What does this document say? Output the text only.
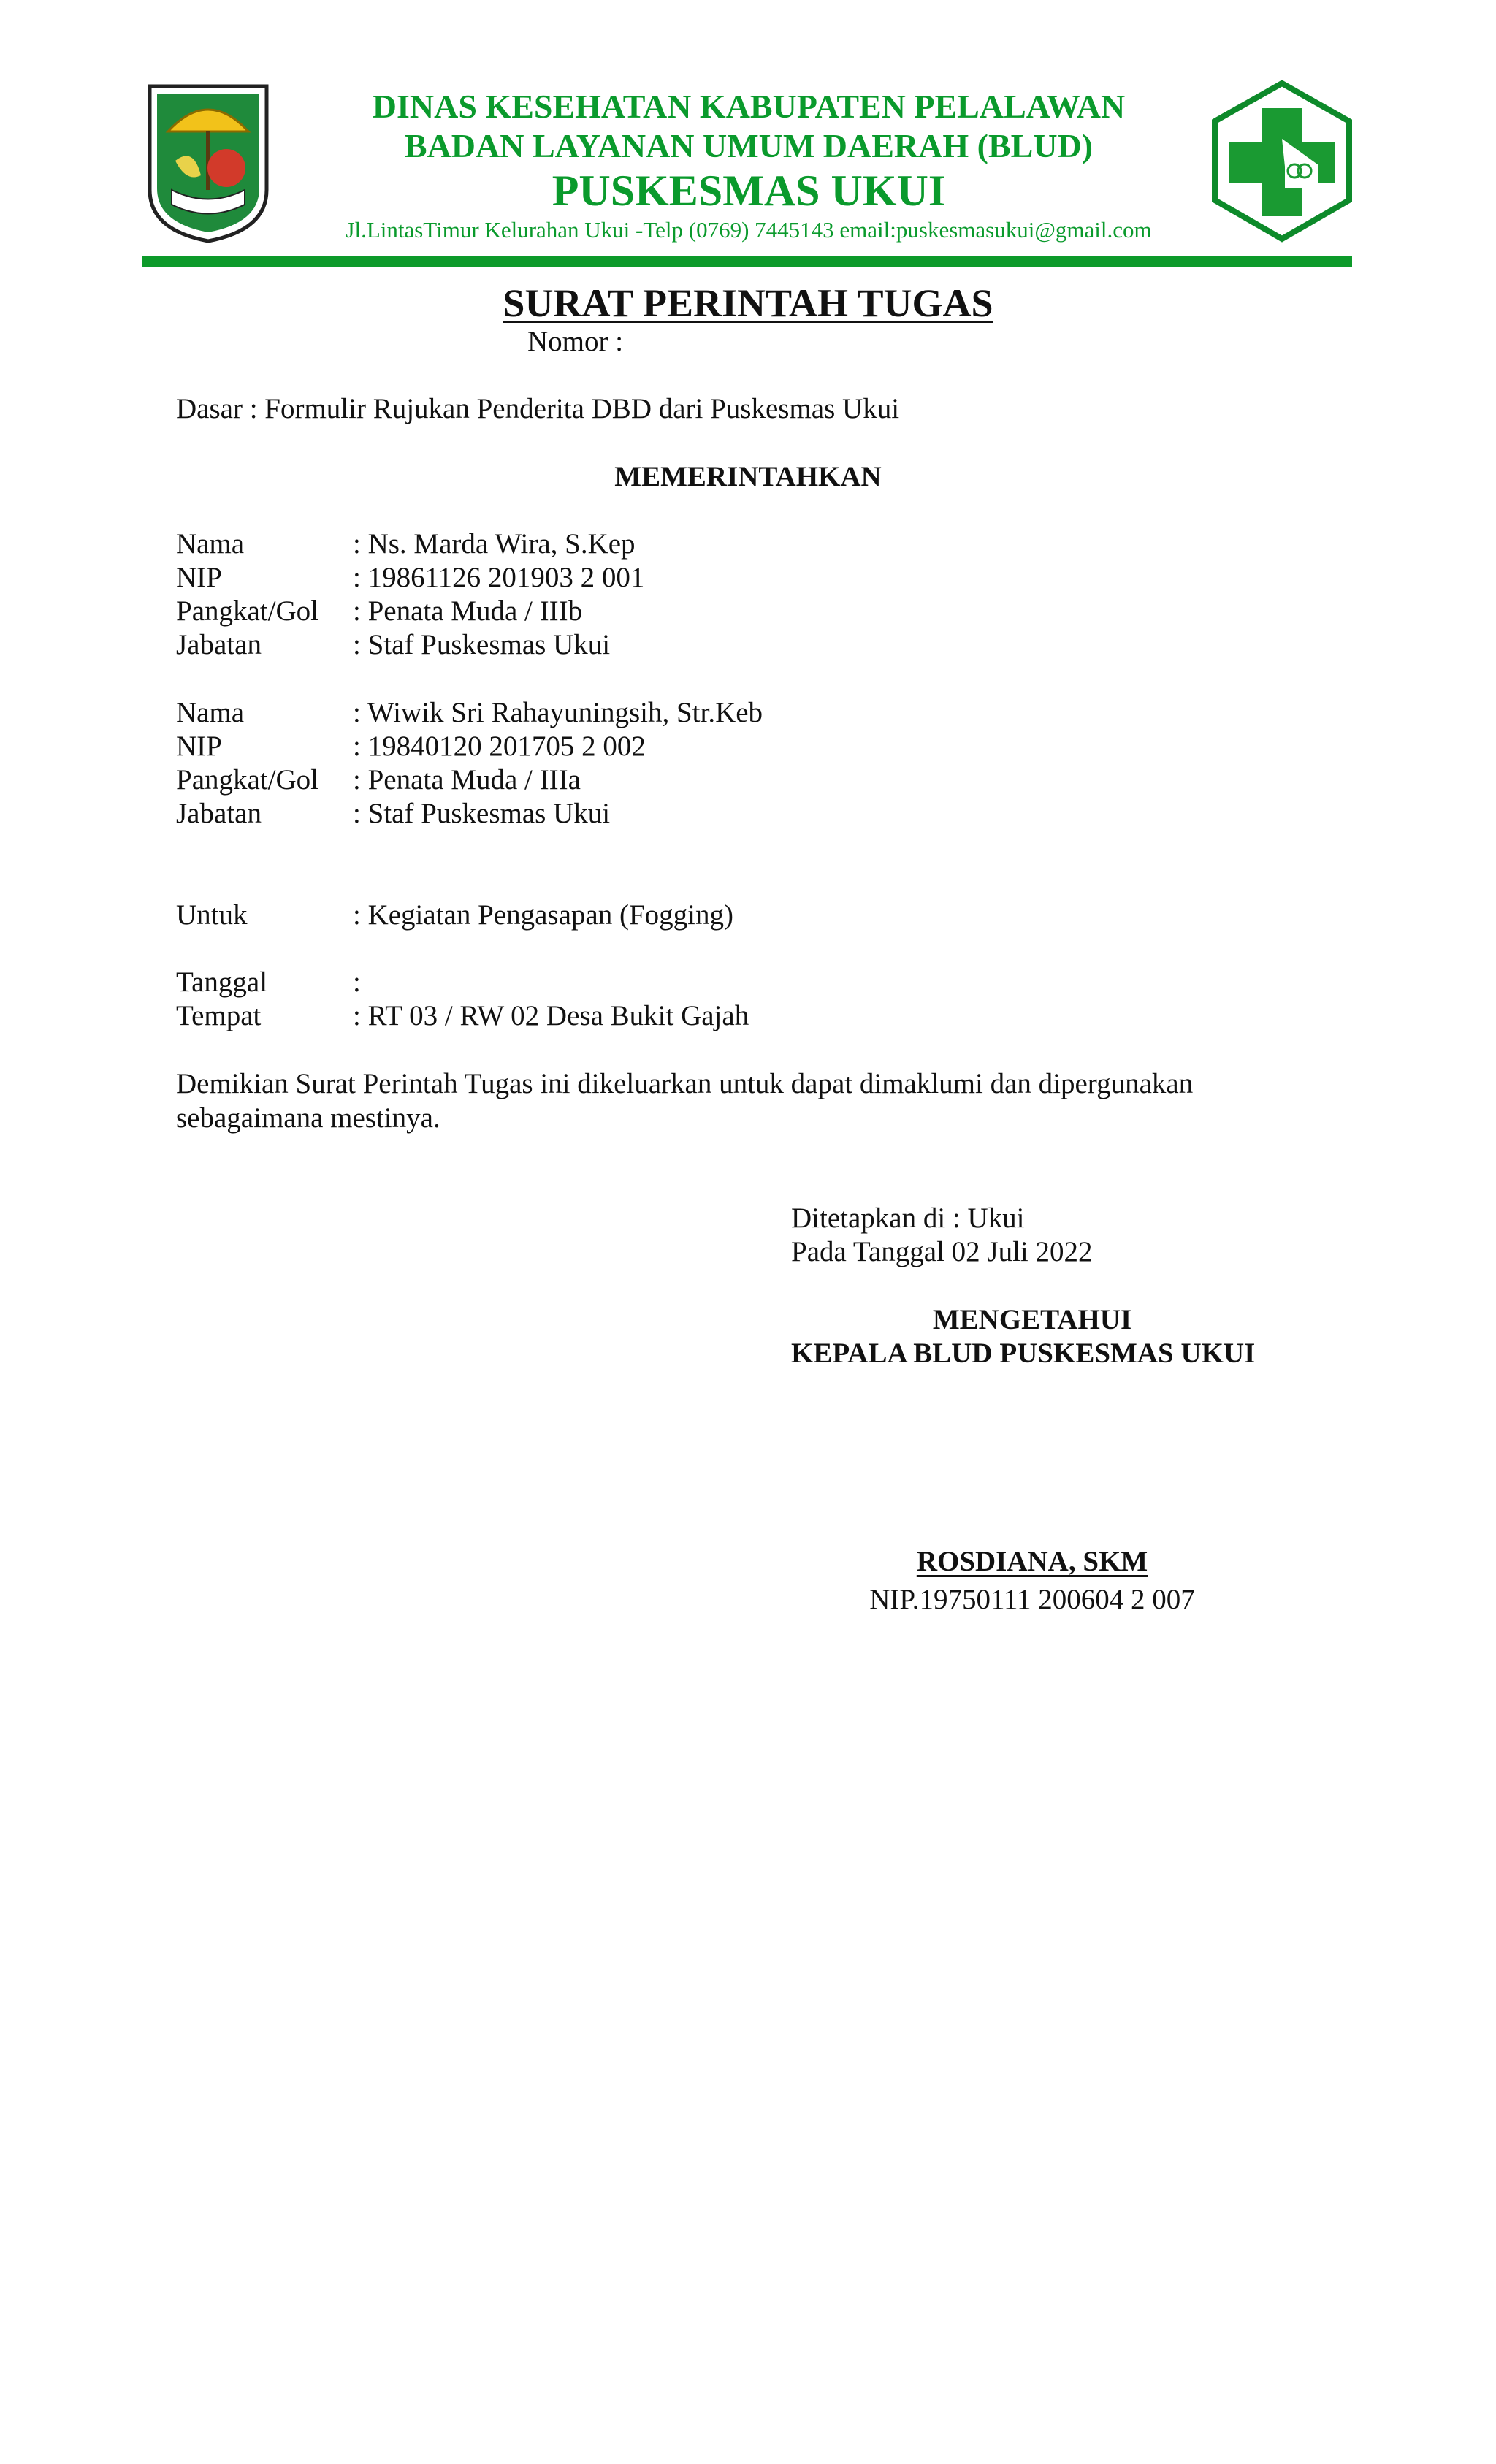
DINAS KESEHATAN KABUPATEN PELALAWAN
BADAN LAYANAN UMUM DAERAH (BLUD)
PUSKESMAS UKUI
Jl.LintasTimur Kelurahan Ukui -Telp (0769) 7445143 email:puskesmasukui@gmail.com
SURAT PERINTAH TUGAS
Nomor :
Dasar : Formulir Rujukan Penderita DBD dari Puskesmas Ukui
MEMERINTAHKAN
Nama	: Ns. Marda Wira, S.Kep
NIP	: 19861126 201903 2 001
Pangkat/Gol : Penata Muda / IIIb
Jabatan	: Staf Puskesmas Ukui
Nama	: Wiwik Sri Rahayuningsih, Str.Keb
NIP	: 19840120 201705 2 002
Pangkat/Gol : Penata Muda / IIIa
Jabatan	: Staf Puskesmas Ukui
Untuk	: Kegiatan Pengasapan (Fogging)
Tanggal	:
Tempat	: RT 03 / RW 02 Desa Bukit Gajah
Demikian Surat Perintah Tugas ini dikeluarkan untuk dapat dimaklumi dan dipergunakan
sebagaimana mestinya.
Ditetapkan di : Ukui
Pada Tanggal 02 Juli 2022
MENGETAHUI
KEPALA BLUD PUSKESMAS UKUI
ROSDIANA, SKM
NIP.19750111 200604 2 007
